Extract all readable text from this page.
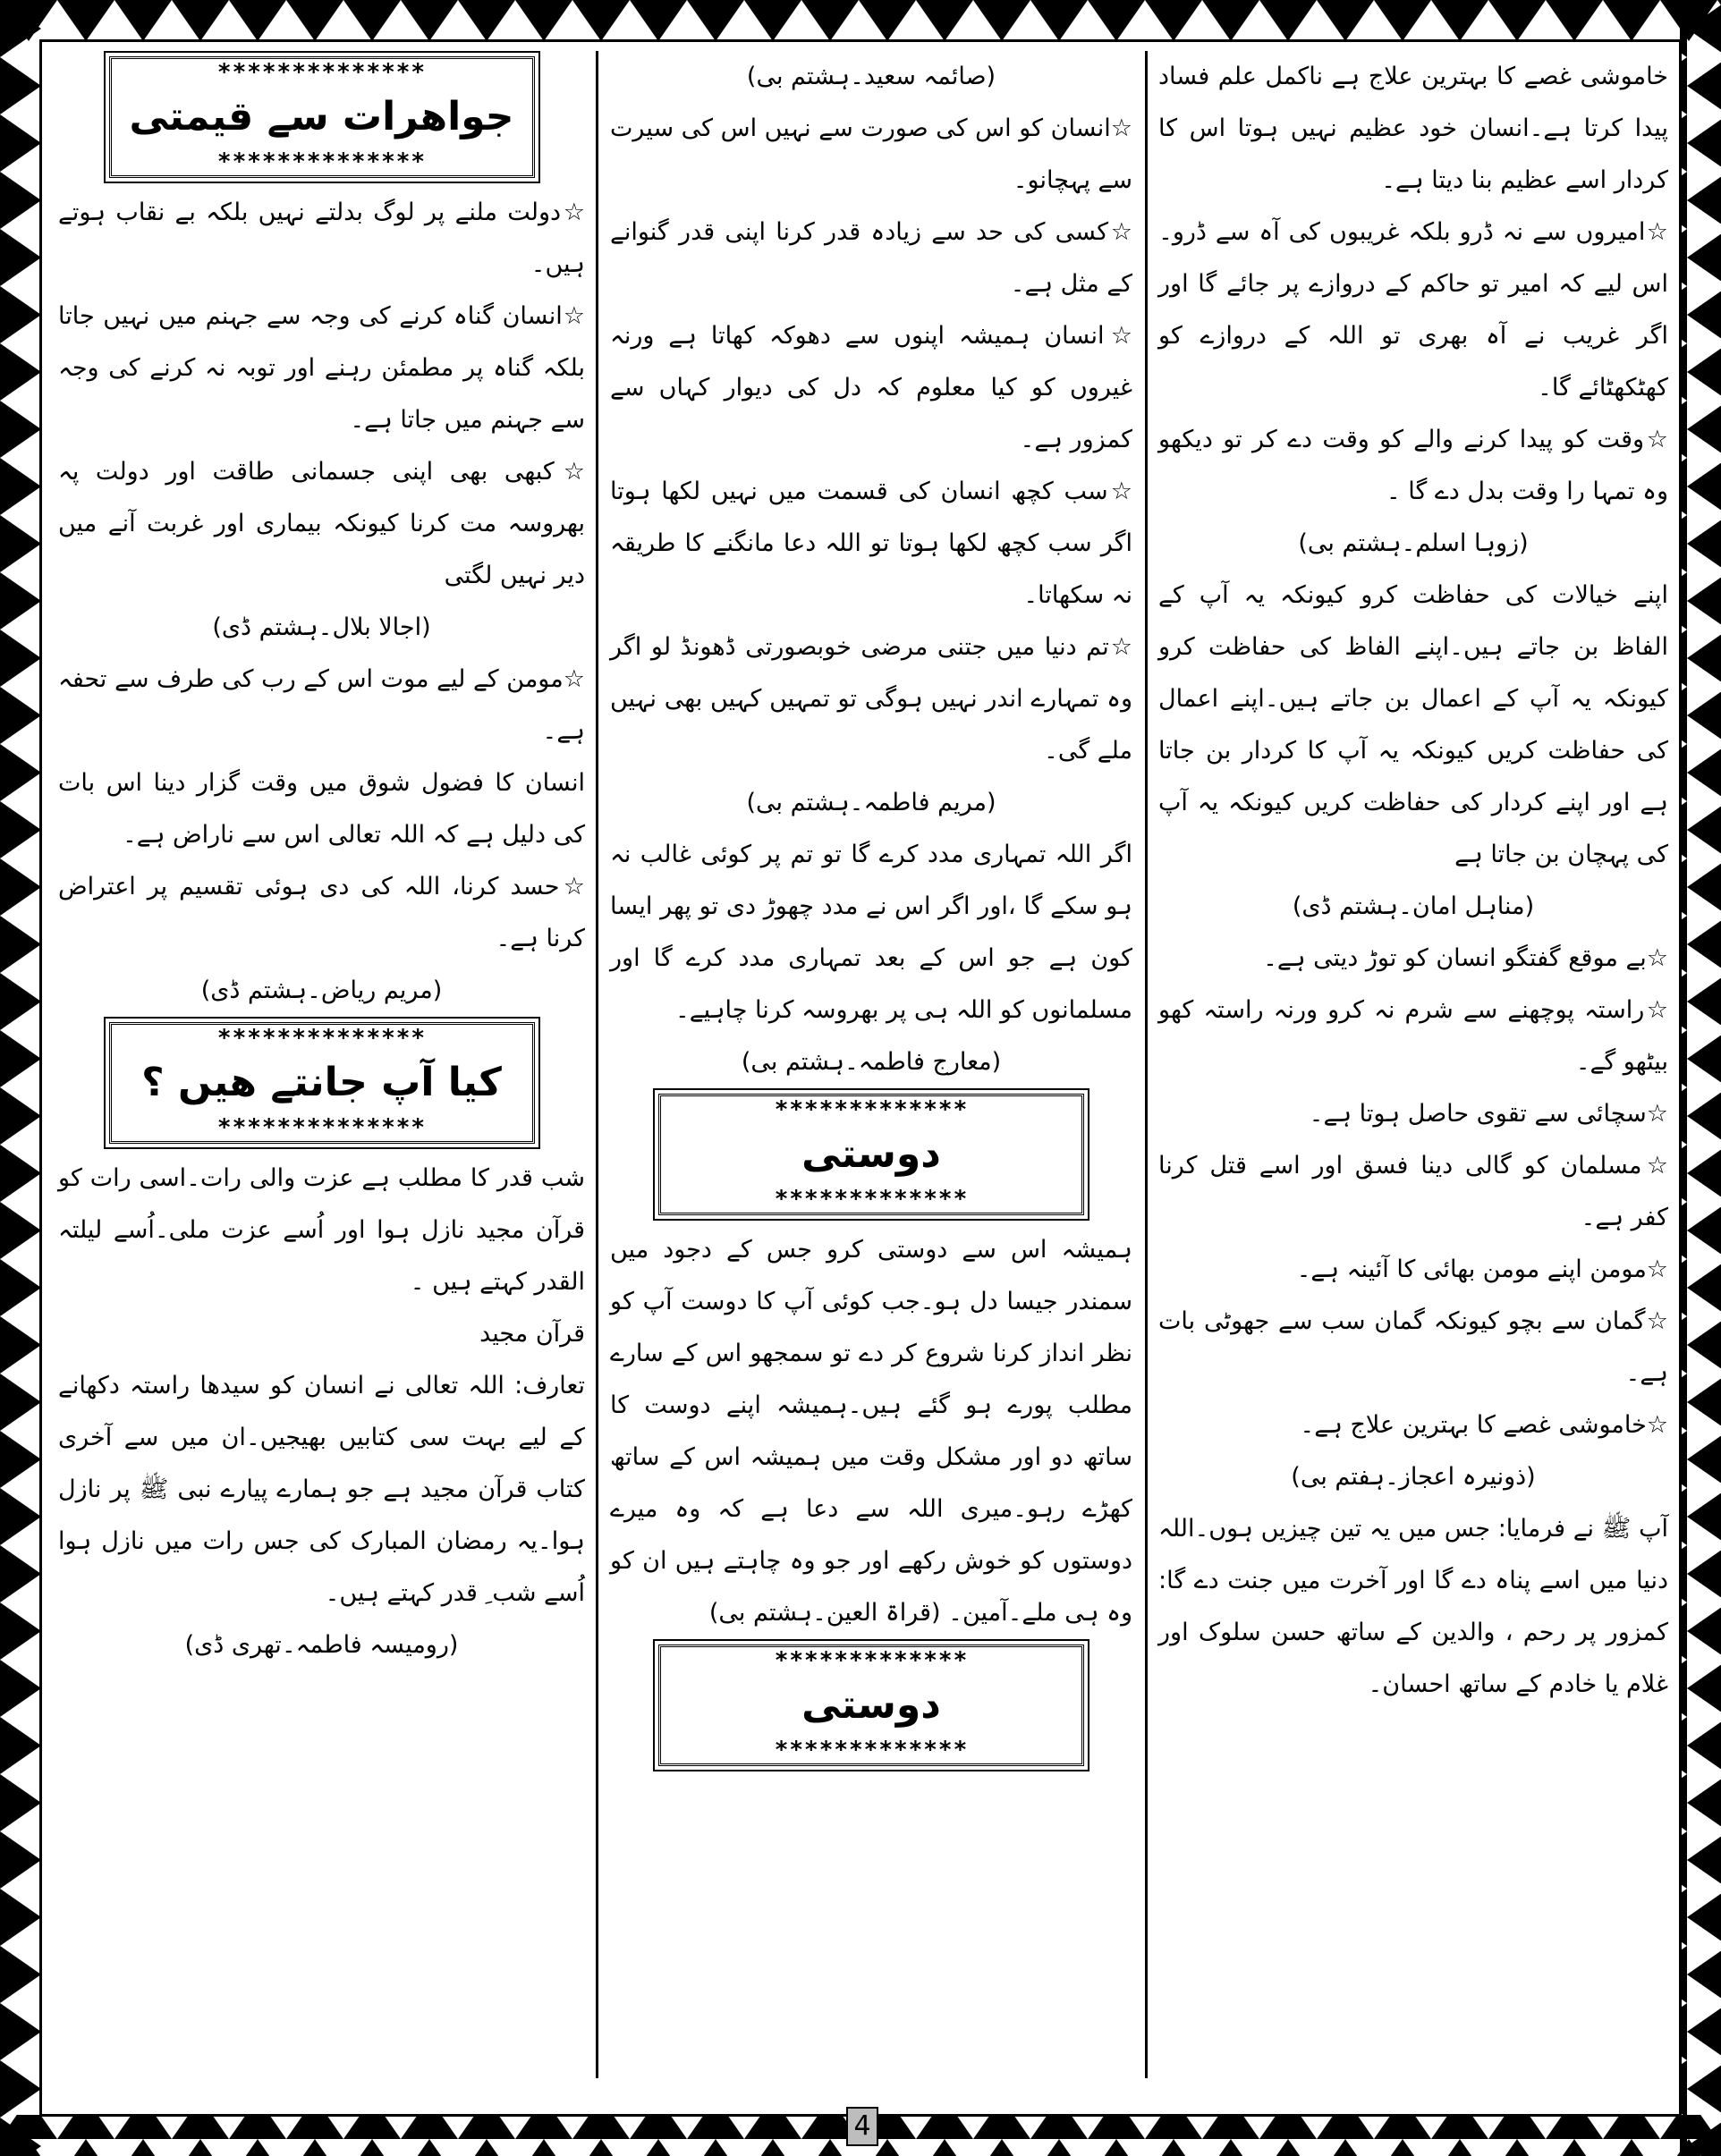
خاموشی غصے کا بہترین علاج ہے ناکمل علم فساد پیدا کرتا ہے۔انسان خود عظیم نہیں ہوتا اس کا کردار اسے عظیم بنا دیتا ہے۔

☆امیروں سے نہ ڈرو بلکہ غریبوں کی آہ سے ڈرو۔اس لیے کہ امیر تو حاکم کے دروازے پر جائے گا اور اگر غریب نے آہ بھری تو اللہ کے دروازے کو کھٹکھٹائے گا۔

☆وقت کو پیدا کرنے والے کو وقت دے کر تو دیکھو وہ تمہا را وقت بدل دے گا ۔

(زوہا اسلم۔ہشتم بی)

اپنے خیالات کی حفاظت کرو کیونکہ یہ آپ کے الفاظ بن جاتے ہیں۔اپنے الفاظ کی حفاظت کرو کیونکہ یہ آپ کے اعمال بن جاتے ہیں۔اپنے اعمال کی حفاظت کریں کیونکہ یہ آپ کا کردار بن جاتا ہے اور اپنے کردار کی حفاظت کریں کیونکہ یہ آپ کی پہچان بن جاتا ہے

(مناہل امان۔ہشتم ڈی)

☆بے موقع گفتگو انسان کو توڑ دیتی ہے۔

☆راستہ پوچھنے سے شرم نہ کرو ورنہ راستہ کھو بیٹھو گے۔

☆سچائی سے تقوی حاصل ہوتا ہے۔

☆مسلمان کو گالی دینا فسق اور اسے قتل کرنا کفر ہے۔

☆مومن اپنے مومن بھائی کا آئینہ ہے۔

☆گمان سے بچو کیونکہ گمان سب سے جھوٹی بات ہے۔

☆خاموشی غصے کا بہترین علاج ہے۔

(ذونیرہ اعجاز۔ہفتم بی)

آپ ﷺ نے فرمایا: جس میں یہ تین چیزیں ہوں۔اللہ دنیا میں اسے پناہ دے گا اور آخرت میں جنت دے گا: کمزور پر رحم ، والدین کے ساتھ حسن سلوک اور غلام یا خادم کے ساتھ احسان۔

(صائمہ سعید۔ہشتم بی)

☆انسان کو اس کی صورت سے نہیں اس کی سیرت سے پہچانو۔

☆کسی کی حد سے زیادہ قدر کرنا اپنی قدر گنوانے کے مثل ہے۔

☆انسان ہمیشہ اپنوں سے دھوکہ کھاتا ہے ورنہ غیروں کو کیا معلوم کہ دل کی دیوار کہاں سے کمزور ہے۔

☆سب کچھ انسان کی قسمت میں نہیں لکھا ہوتا اگر سب کچھ لکھا ہوتا تو اللہ دعا مانگنے کا طریقہ نہ سکھاتا۔

☆تم دنیا میں جتنی مرضی خوبصورتی ڈھونڈ لو اگر وہ تمہارے اندر نہیں ہوگی تو تمہیں کہیں بھی نہیں ملے گی۔

(مریم فاطمہ۔ہشتم بی)

اگر اللہ تمہاری مدد کرے گا تو تم پر کوئی غالب نہ ہو سکے گا ،اور اگر اس نے مدد چھوڑ دی تو پھر ایسا کون ہے جو اس کے بعد تمہاری مدد کرے گا اور مسلمانوں کو اللہ ہی پر بھروسہ کرنا چاہیے۔

(معارج فاطمہ۔ہشتم بی)

*************
دوستی
*************

ہمیشہ اس سے دوستی کرو جس کے دجود میں سمندر جیسا دل ہو۔جب کوئی آپ کا دوست آپ کو نظر انداز کرنا شروع کر دے تو سمجھو اس کے سارے مطلب پورے ہو گئے ہیں۔ہمیشہ اپنے دوست کا ساتھ دو اور مشکل وقت میں ہمیشہ اس کے ساتھ کھڑے رہو۔میری اللہ سے دعا ہے کہ وہ میرے دوستوں کو خوش رکھے اور جو وہ چاہتے ہیں ان کو وہ ہی ملے۔آمین۔ (قراۃ العین۔ہشتم بی)

*************
دوستی
*************
**************
جواھرات سے قیمتی
**************

☆دولت ملنے پر لوگ بدلتے نہیں بلکہ بے نقاب ہوتے ہیں۔

☆انسان گناہ کرنے کی وجہ سے جہنم میں نہیں جاتا بلکہ گناہ پر مطمئن رہنے اور توبہ نہ کرنے کی وجہ سے جہنم میں جاتا ہے۔

☆کبھی بھی اپنی جسمانی طاقت اور دولت پہ بھروسہ مت کرنا کیونکہ بیماری اور غربت آنے میں دیر نہیں لگتی

(اجالا بلال۔ہشتم ڈی)

☆مومن کے لیے موت اس کے رب کی طرف سے تحفہ ہے۔

انسان کا فضول شوق میں وقت گزار دینا اس بات کی دلیل ہے کہ اللہ تعالی اس سے ناراض ہے۔

☆حسد کرنا، اللہ کی دی ہوئی تقسیم پر اعتراض کرنا ہے۔

(مریم ریاض۔ہشتم ڈی)

**************
کیا آپ جانتے ھیں ؟
**************

شب قدر کا مطلب ہے عزت والی رات۔اسی رات کو قرآن مجید نازل ہوا اور اُسے عزت ملی۔اُسے لیلتہ القدر کہتے ہیں ۔

قرآن مجید

تعارف: اللہ تعالی نے انسان کو سیدھا راستہ دکھانے کے لیے بہت سی کتابیں بھیجیں۔ان میں سے آخری کتاب قرآن مجید ہے جو ہمارے پیارے نبی ﷺ پر نازل ہوا۔یہ رمضان المبارک کی جس رات میں نازل ہوا اُسے شب ِ قدر کہتے ہیں۔

(رومیسہ فاطمہ۔تھری ڈی)

4
